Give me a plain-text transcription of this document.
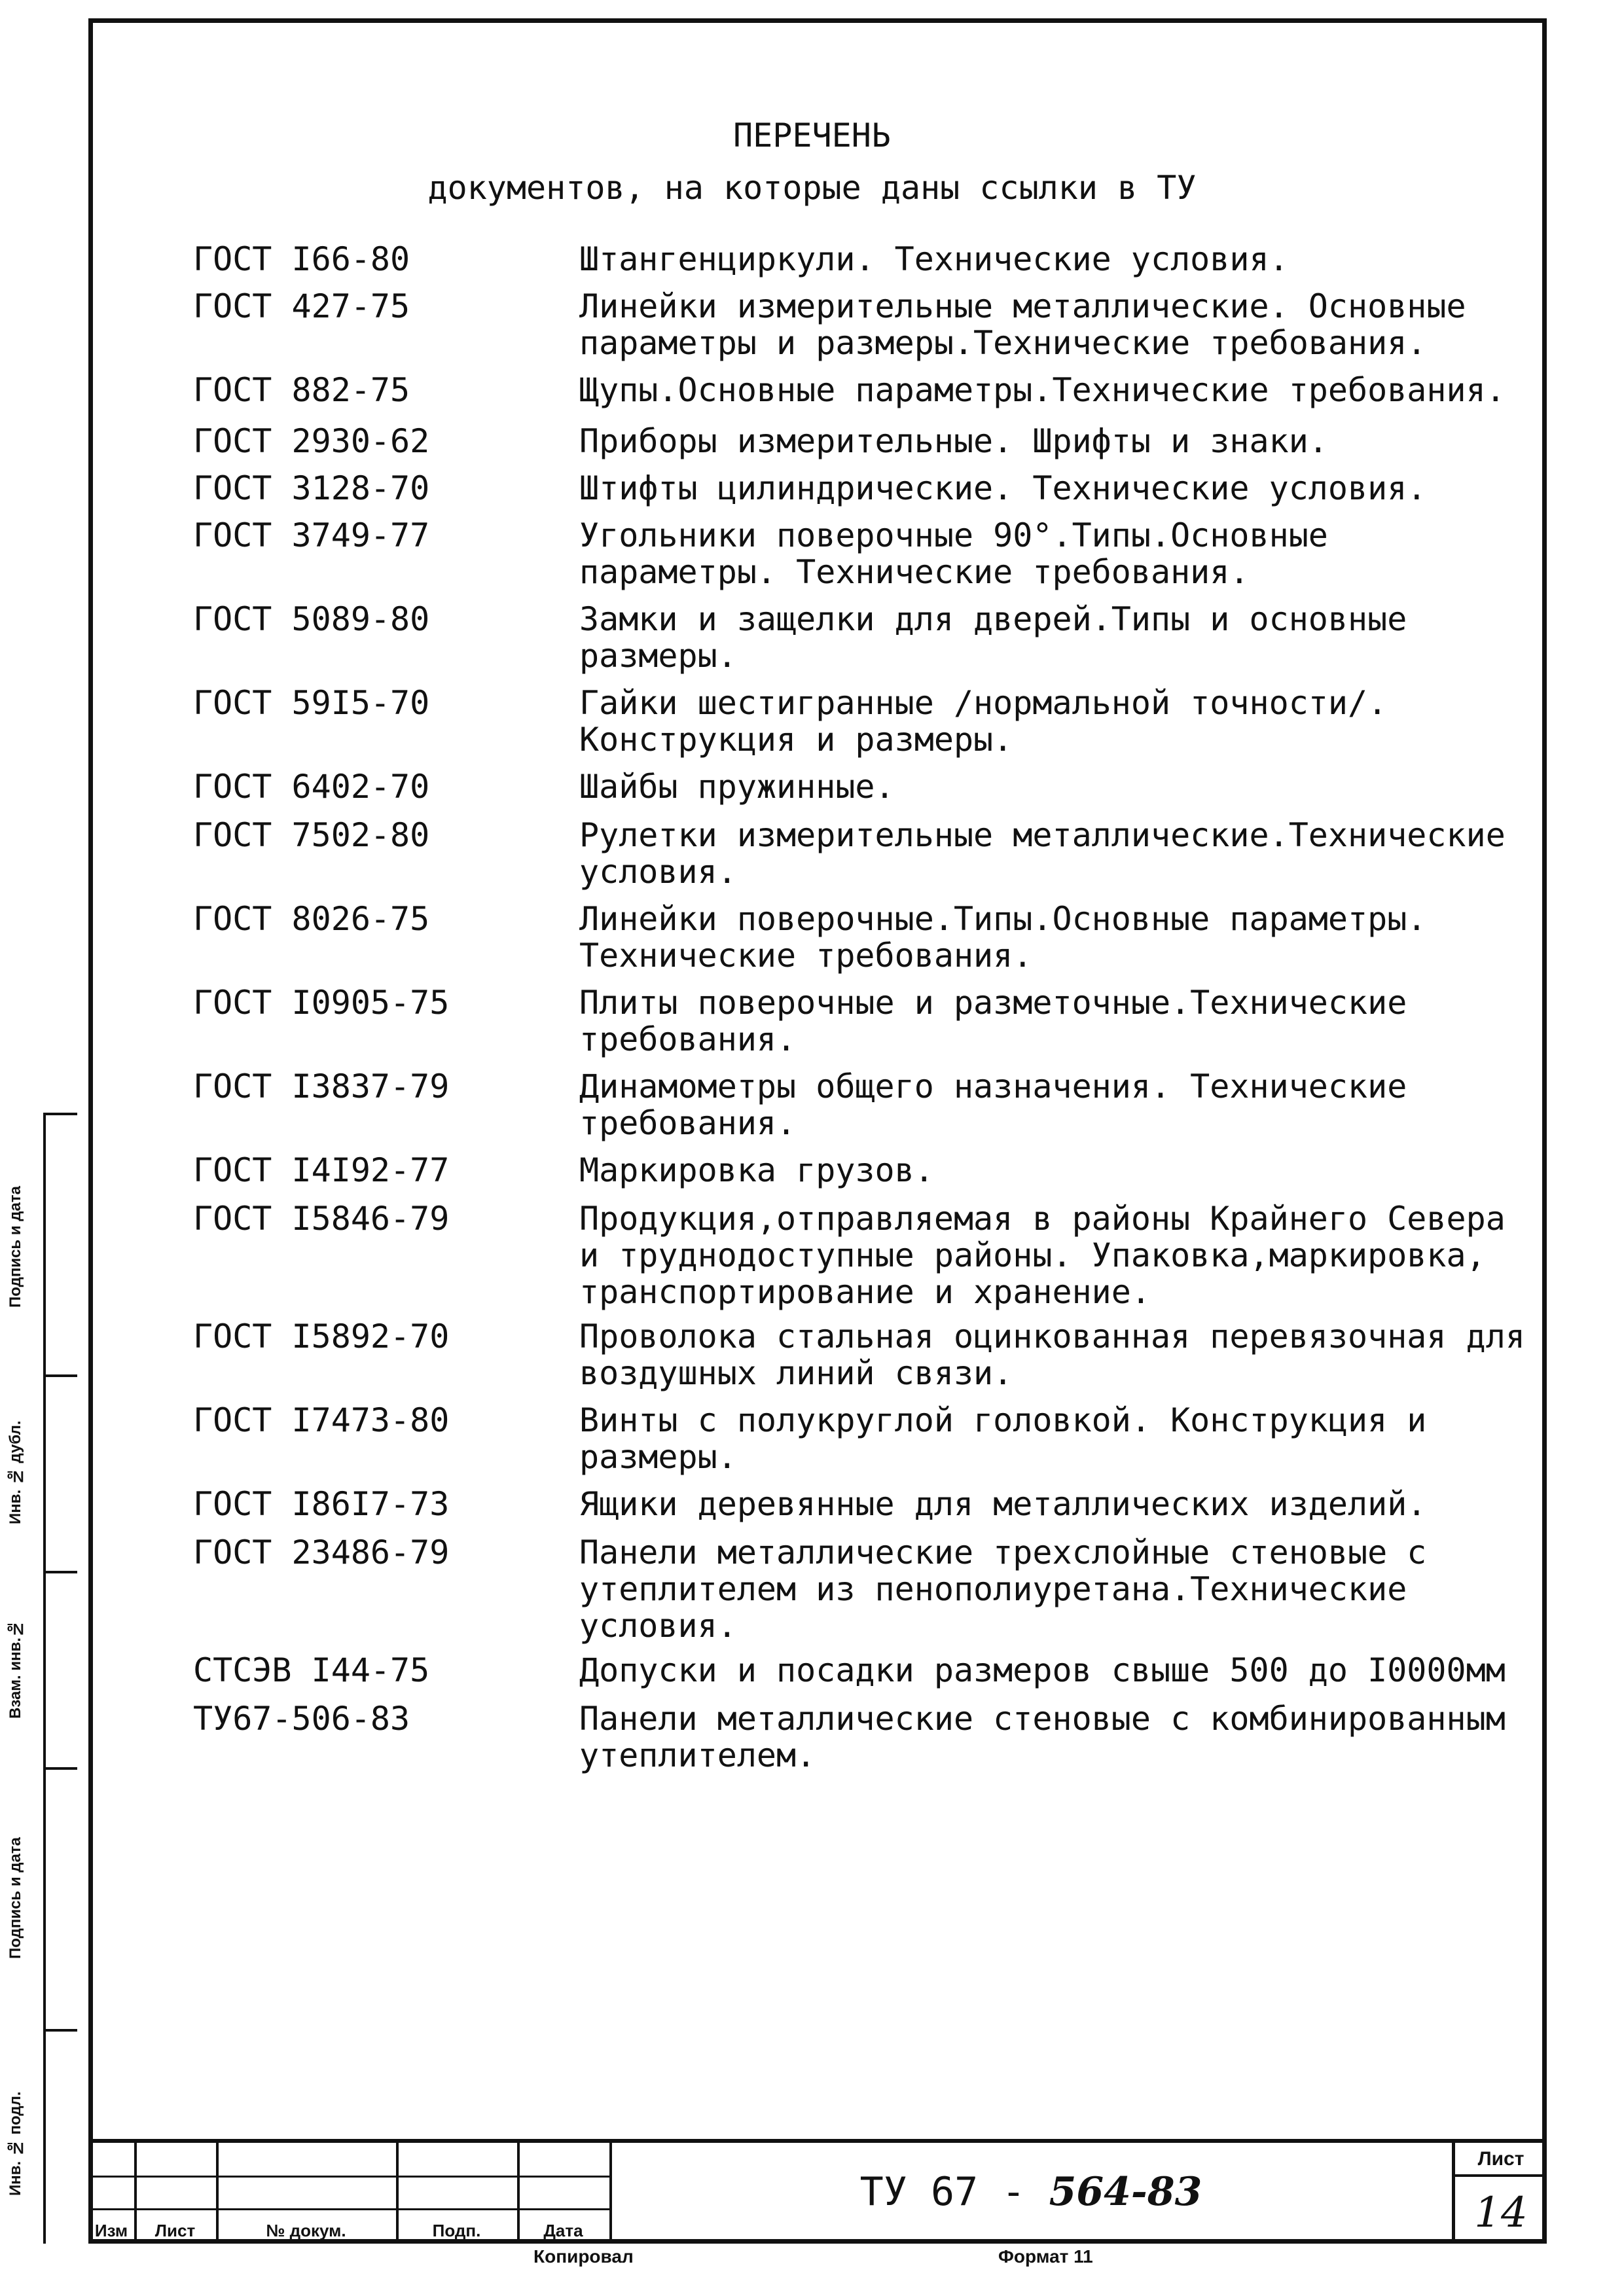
ПЕРЕЧЕНЬ
документов, на которые даны ссылки в ТУ
ГОСТ I66-80	Штангенциркули. Технические условия.
ГОСТ 427-75	Линейки измерительные металлические. Основные параметры и размеры.Технические требования.
ГОСТ 882-75	Щупы.Основные параметры.Технические требования.
ГОСТ 2930-62	Приборы измерительные. Шрифты и знаки.
ГОСТ 3128-70	Штифты цилиндрические. Технические условия.
ГОСТ 3749-77	Угольники поверочные 90°.Типы.Основные параметры. Технические требования.
ГОСТ 5089-80	Замки и защелки для дверей.Типы и основные размеры.
ГОСТ 59I5-70	Гайки шестигранные /нормальной точности/. Конструкция и размеры.
ГОСТ 6402-70	Шайбы пружинные.
ГОСТ 7502-80	Рулетки измерительные металлические.Технические условия.
ГОСТ 8026-75	Линейки поверочные.Типы.Основные параметры. Технические требования.
ГОСТ I0905-75	Плиты поверочные и разметочные.Технические требования.
ГОСТ I3837-79	Динамометры общего назначения. Технические требования.
ГОСТ I4I92-77	Маркировка грузов.
ГОСТ I5846-79	Продукция,отправляемая в районы Крайнего Севера и труднодоступные районы. Упаковка,маркировка, транспортирование и хранение.
ГОСТ I5892-70	Проволока стальная оцинкованная перевязочная для воздушных линий связи.
ГОСТ I7473-80	Винты с полукруглой головкой. Конструкция и размеры.
ГОСТ I86I7-73	Ящики деревянные для металлических изделий.
ГОСТ 23486-79	Панели металлические трехслойные стеновые с утеплителем из пенополиуретана.Технические условия.
СТСЭВ I44-75	Допуски и посадки размеров свыше 500 до I0000мм
ТУ67-506-83	Панели металлические стеновые с комбинированным утеплителем.
Подпись и дата
Инв. № дубл.
Взам. инв.№
Подпись и дата
Инв. № подл.
Изм	Лист	№ докум.	Подп.	Дата
ТУ 67 - 564-83
Лист
14
Копировал	Формат 11
